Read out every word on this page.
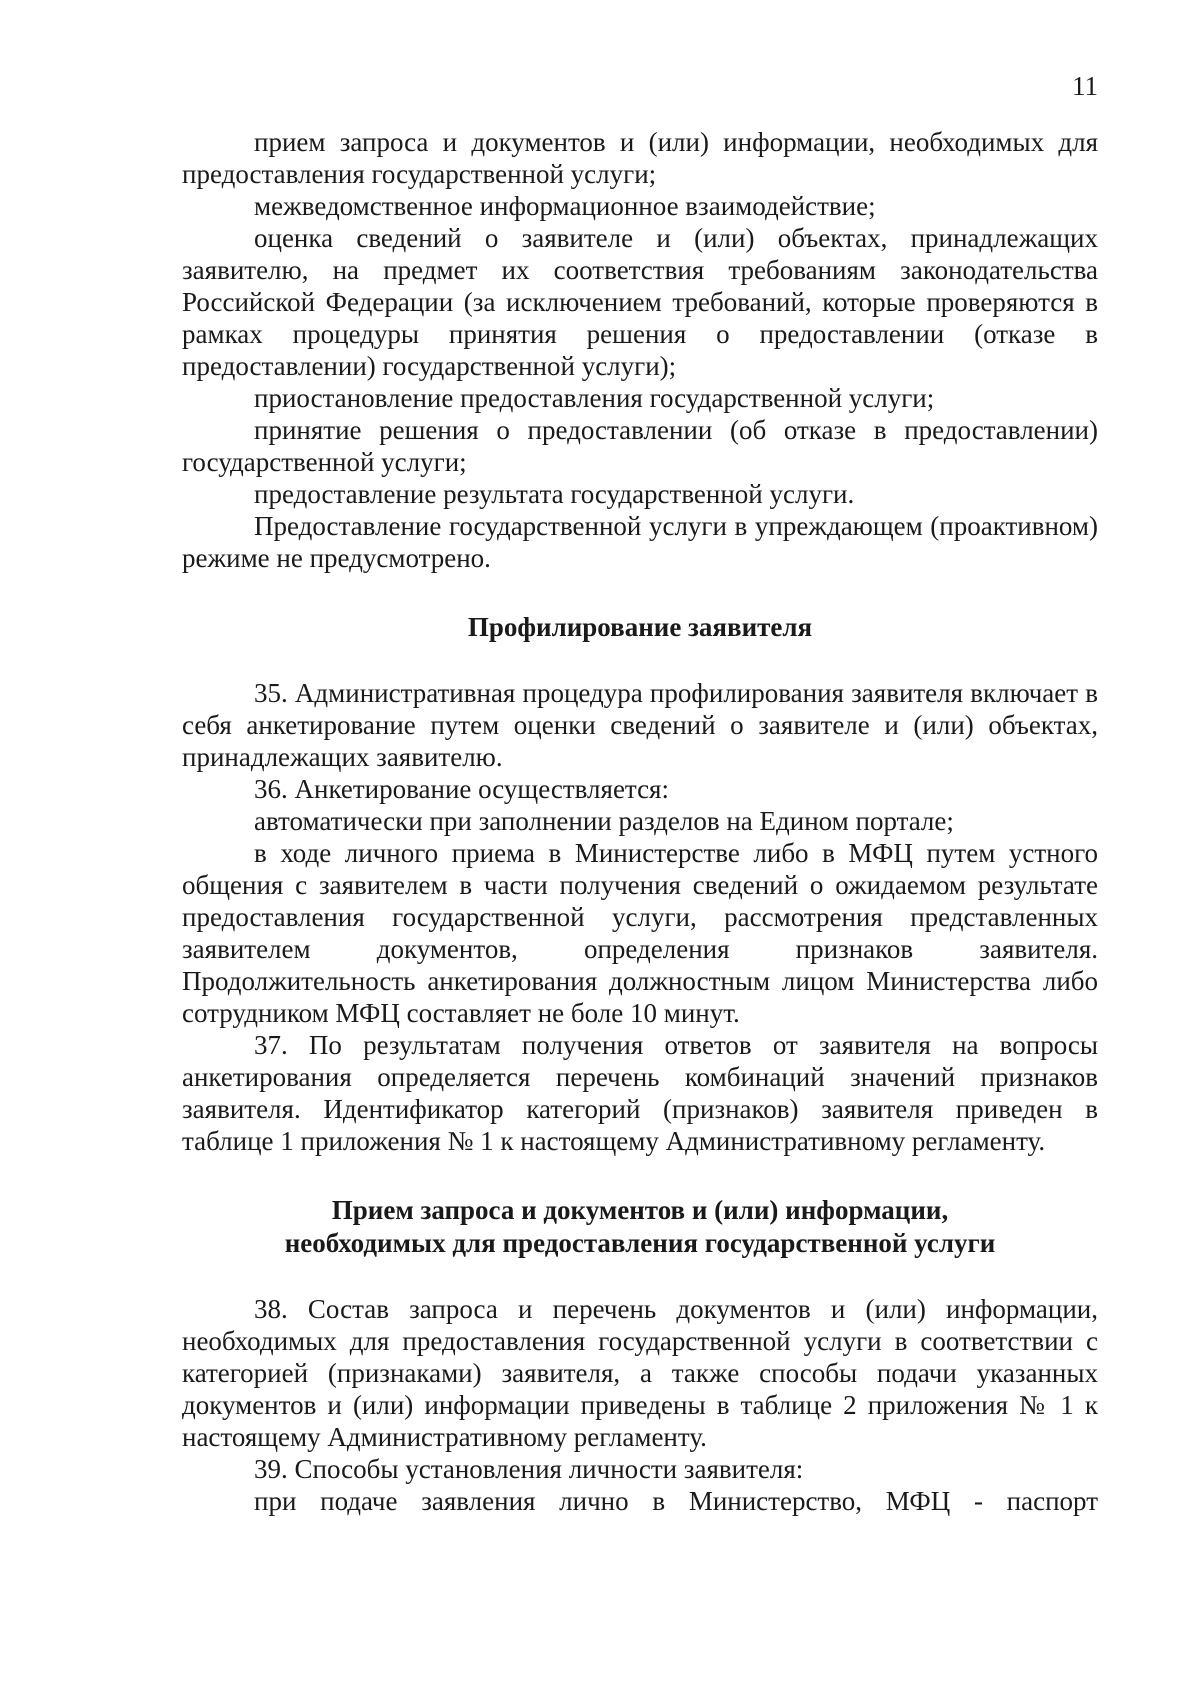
11

прием запроса и документов и (или) информации, необходимых для предоставления государственной услуги;

межведомственное информационное взаимодействие;

оценка сведений о заявителе и (или) объектах, принадлежащих заявителю, на предмет их соответствия требованиям законодательства Российской Федерации (за исключением требований, которые проверяются в рамках процедуры принятия решения о предоставлении (отказе в предоставлении) государственной услуги);

приостановление предоставления государственной услуги;

принятие решения о предоставлении (об отказе в предоставлении) государственной услуги;

предоставление результата государственной услуги.

Предоставление государственной услуги в упреждающем (проактивном) режиме не предусмотрено.

Профилирование заявителя

35. Административная процедура профилирования заявителя включает в себя анкетирование путем оценки сведений о заявителе и (или) объектах, принадлежащих заявителю.

36. Анкетирование осуществляется:

автоматически при заполнении разделов на Едином портале;

в ходе личного приема в Министерстве либо в МФЦ путем устного общения с заявителем в части получения сведений о ожидаемом результате предоставления государственной услуги, рассмотрения представленных заявителем документов, определения признаков заявителя. Продолжительность анкетирования должностным лицом Министерства либо сотрудником МФЦ составляет не боле 10 минут.

37. По результатам получения ответов от заявителя на вопросы анкетирования определяется перечень комбинаций значений признаков заявителя. Идентификатор категорий (признаков) заявителя приведен в таблице 1 приложения № 1 к настоящему Административному регламенту.

Прием запроса и документов и (или) информации,
необходимых для предоставления государственной услуги

38. Состав запроса и перечень документов и (или) информации, необходимых для предоставления государственной услуги в соответствии с категорией (признаками) заявителя, а также способы подачи указанных документов и (или) информации приведены в таблице 2 приложения № 1 к настоящему Административному регламенту.

39. Способы установления личности заявителя:

при подаче заявления лично в Министерство, МФЦ - паспорт
